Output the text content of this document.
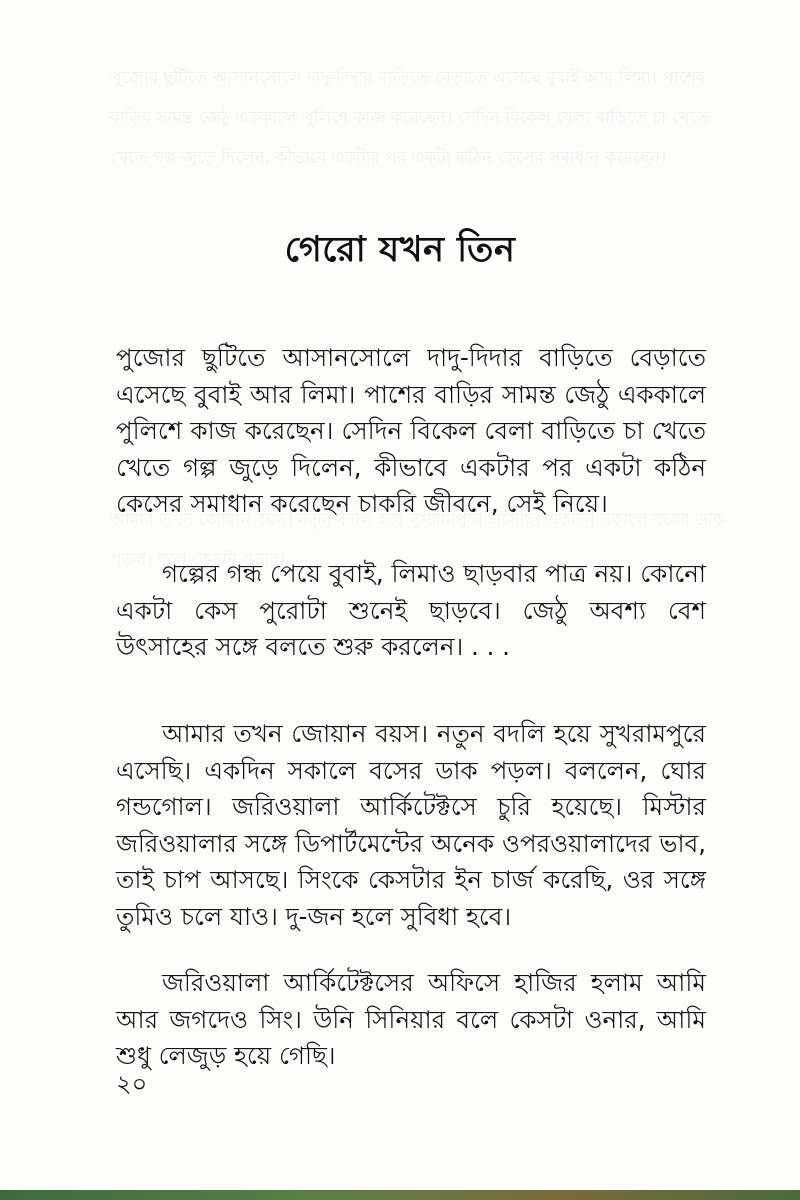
পুজোর ছুটিতে আসানসোলে দাদু-দিদার বাড়িতে বেড়াতে এসেছে বুবাই আর লিমা। পাশের বাড়ির সামন্ত জেঠু এককালে পুলিশে কাজ করেছেন। সেদিন বিকেল বেলা বাড়িতে চা খেতে খেতে গল্প জুড়ে দিলেন, কীভাবে একটার পর একটা কঠিন কেসের সমাধান করেছেন।
গেরো যখন তিন

পুজোর ছুটিতে আসানসোলে দাদু-দিদার বাড়িতে বেড়াতে এসেছে বুবাই আর লিমা। পাশের বাড়ির সামন্ত জেঠু এককালে পুলিশে কাজ করেছেন। সেদিন বিকেল বেলা বাড়িতে চা খেতে খেতে গল্প জুড়ে দিলেন, কীভাবে একটার পর একটা কঠিন কেসের সমাধান করেছেন চাকরি জীবনে, সেই নিয়ে।

গল্পের গন্ধ পেয়ে বুবাই, লিমাও ছাড়বার পাত্র নয়। কোনো একটা কেস পুরোটা শুনেই ছাড়বে। জেঠু অবশ্য বেশ উৎসাহের সঙ্গে বলতে শুরু করলেন। . . .

আমার তখন জোয়ান বয়স। নতুন বদলি হয়ে সুখরামপুরে এসেছি। একদিন সকালে বসের ডাক পড়ল। বললেন, ঘোর গন্ডগোল। জরিওয়ালা আর্কিটেক্টসে চুরি হয়েছে। মিস্টার জরিওয়ালার সঙ্গে ডিপার্টমেন্টের অনেক ওপরওয়ালাদের ভাব, তাই চাপ আসছে। সিংকে কেসটার ইন চার্জ করেছি, ওর সঙ্গে তুমিও চলে যাও। দু-জন হলে সুবিধা হবে।

জরিওয়ালা আর্কিটেক্টসের অফিসে হাজির হলাম আমি আর জগদেও সিং। উনি সিনিয়ার বলে কেসটা ওনার, আমি শুধু লেজুড় হয়ে গেছি।

২০
